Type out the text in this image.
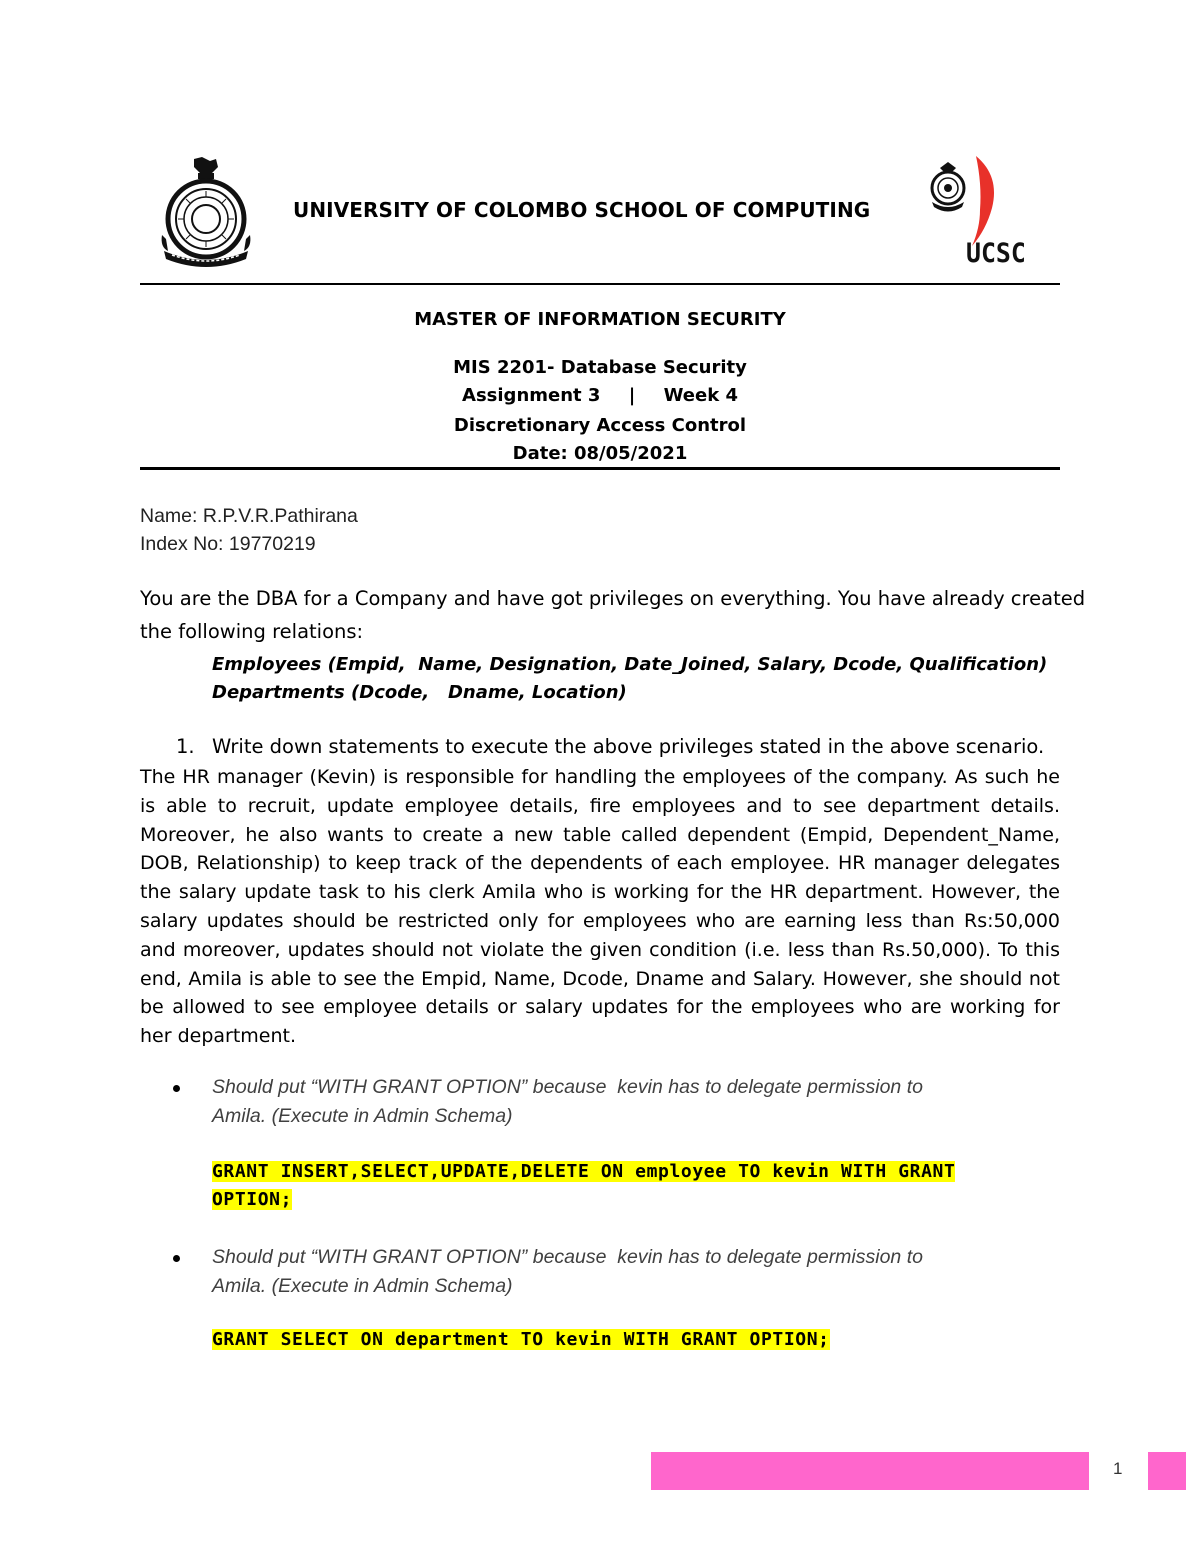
UNIVERSITY OF COLOMBO SCHOOL OF COMPUTING
UCSC
MASTER OF INFORMATION SECURITY
MIS 2201- Database Security
Assignment 3 | Week 4
Discretionary Access Control
Date: 08/05/2021
Name: R.P.V.R.Pathirana
Index No: 19770219
You are the DBA for a Company and have got privileges on everything. You have already created
the following relations:
Employees (Empid,  Name, Designation, Date_Joined, Salary, Dcode, Qualification)
Departments (Dcode,   Dname, Location)
1. Write down statements to execute the above privileges stated in the above scenario.
The HR manager (Kevin) is responsible for handling the employees of the company. As such he is able to recruit, update employee details, fire employees and to see department details. Moreover, he also wants to create a new table called dependent (Empid, Dependent_Name, DOB, Relationship) to keep track of the dependents of each employee. HR manager delegates the salary update task to his clerk Amila who is working for the HR department. However, the salary updates should be restricted only for employees who are earning less than Rs:50,000 and moreover, updates should not violate the given condition (i.e. less than Rs.50,000). To this end, Amila is able to see the Empid, Name, Dcode, Dname and Salary. However, she should not be allowed to see employee details or salary updates for the employees who are working for her department.
Should put “WITH GRANT OPTION” because  kevin has to delegate permission to
Amila. (Execute in Admin Schema)
GRANT INSERT,SELECT,UPDATE,DELETE ON employee TO kevin WITH GRANT
OPTION;
Should put “WITH GRANT OPTION” because  kevin has to delegate permission to
Amila. (Execute in Admin Schema)
GRANT SELECT ON department TO kevin WITH GRANT OPTION;
1
